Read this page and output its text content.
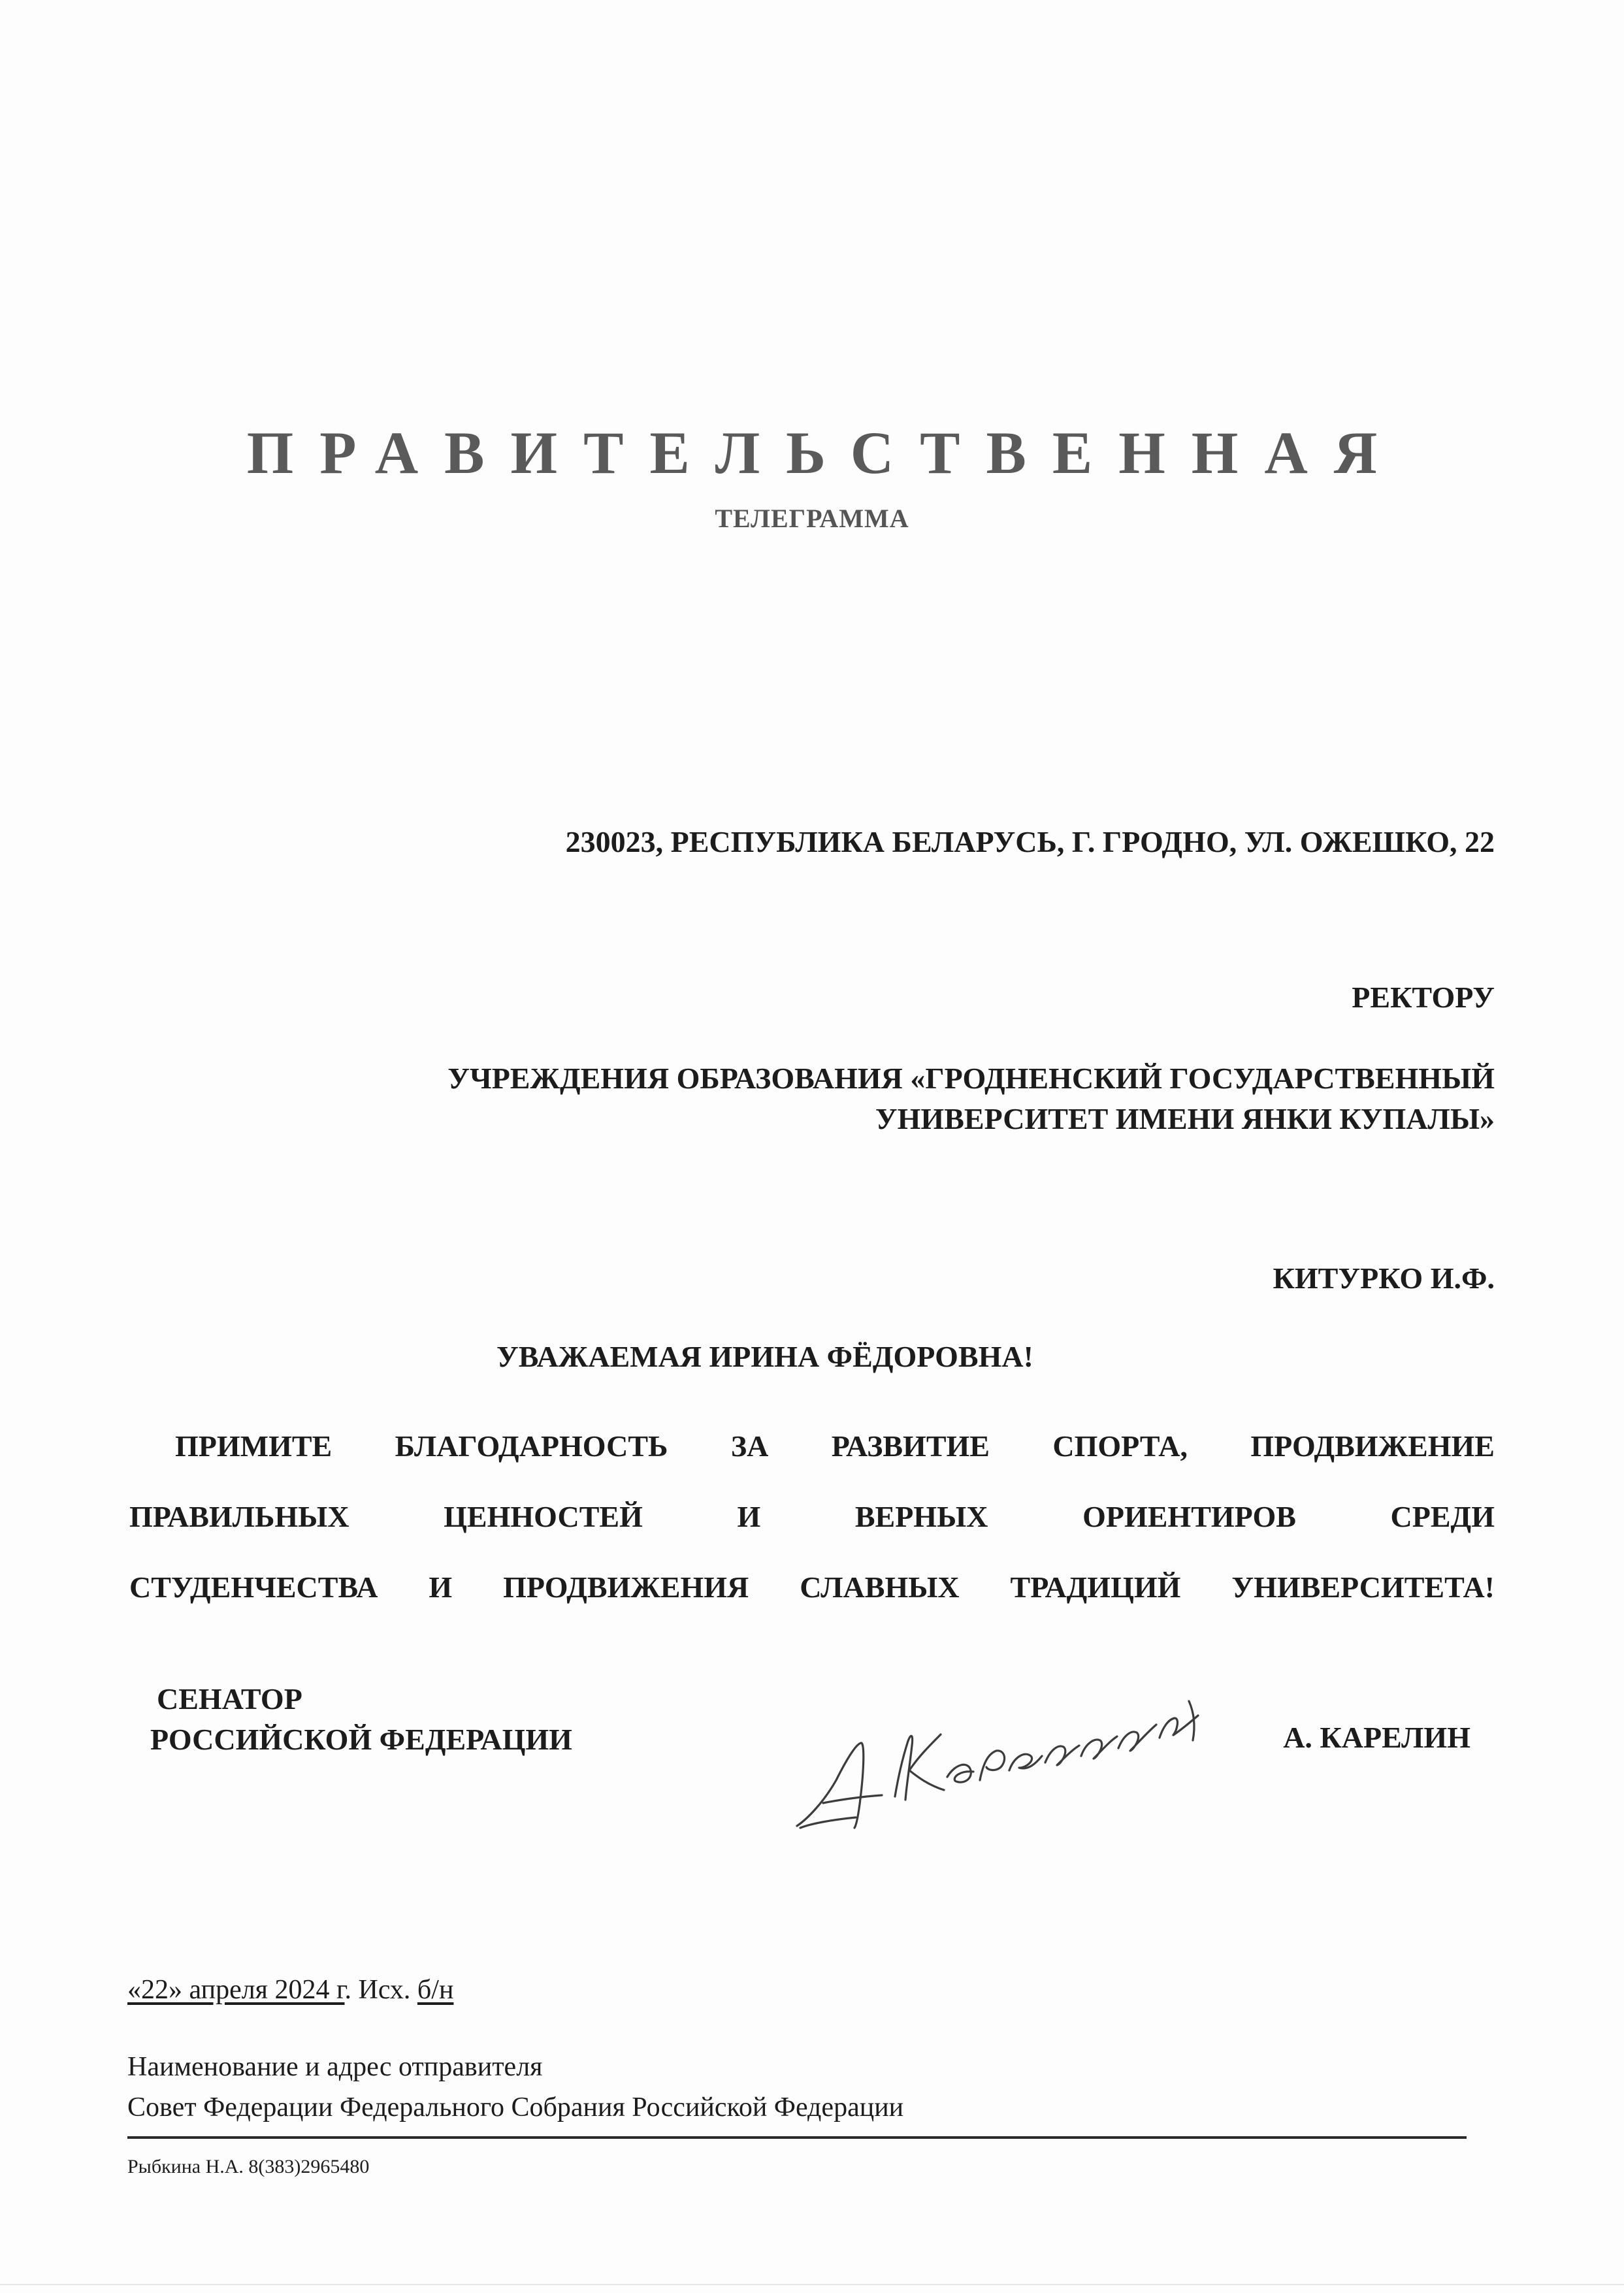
ПРАВИТЕЛЬСТВЕННАЯ
ТЕЛЕГРАММА
230023, РЕСПУБЛИКА БЕЛАРУСЬ, Г. ГРОДНО, УЛ. ОЖЕШКО, 22
РЕКТОРУ
УЧРЕЖДЕНИЯ ОБРАЗОВАНИЯ «ГРОДНЕНСКИЙ ГОСУДАРСТВЕННЫЙ
УНИВЕРСИТЕТ ИМЕНИ ЯНКИ КУПАЛЫ»
КИТУРКО И.Ф.
УВАЖАЕМАЯ ИРИНА ФЁДОРОВНА!
ПРИМИТЕ БЛАГОДАРНОСТЬ ЗА РАЗВИТИЕ СПОРТА, ПРОДВИЖЕНИЕ
ПРАВИЛЬНЫХ ЦЕННОСТЕЙ И ВЕРНЫХ ОРИЕНТИРОВ СРЕДИ
СТУДЕНЧЕСТВА И ПРОДВИЖЕНИЯ СЛАВНЫХ ТРАДИЦИЙ УНИВЕРСИТЕТА!
СЕНАТОР
РОССИЙСКОЙ ФЕДЕРАЦИИ	А. КАРЕЛИН
«22» апреля 2024 г. Исх. б/н
Наименование и адрес отправителя
Совет Федерации Федерального Собрания Российской Федерации
Рыбкина Н.А. 8(383)2965480
